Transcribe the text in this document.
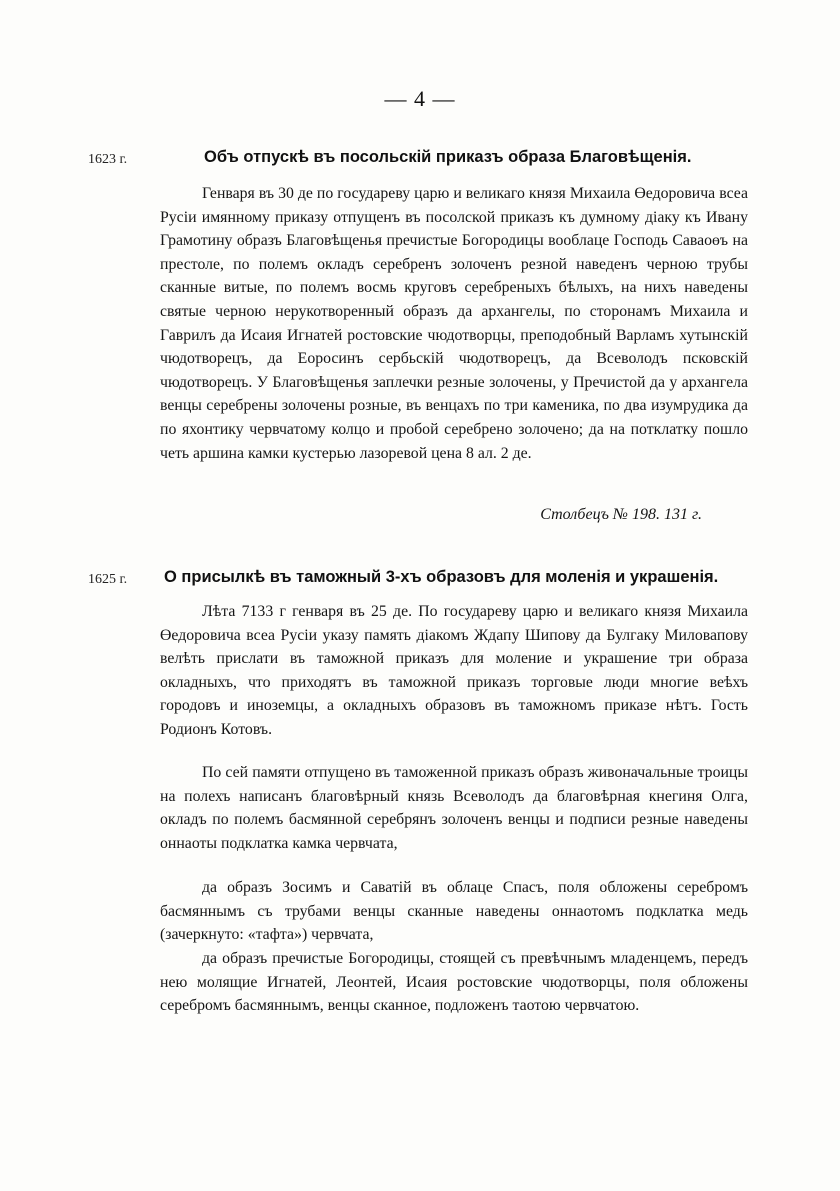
— 4 —
1623 г.	Объ отпускѣ въ посольскій приказъ образа Благовѣщенія.

Генваря въ 30 де по государеву царю и великаго князя Михаила Өедоровича всеа Русіи имянному приказу отпущенъ въ посолской приказъ къ думному діаку къ Ивану Грамотину образъ Благовѣщенья пречистые Богородицы вооблаце Господь Саваоөъ на престоле, по полемъ окладъ серебренъ золоченъ резной наведенъ черною трубы сканные витые, по полемъ восмь круговъ серебреныхъ бѣлыхъ, на нихъ наведены святые черною нерукотворенный образъ да архангелы, по сторонамъ Михаила и Гаврилъ да Исаия Игнатей ростовские чюдотворцы, преподобный Варламъ хутынскій чюдотворецъ, да Еоросинъ сербьскій чюдотворецъ, да Всеволодъ псковскій чюдотворецъ. У Благовѣщенья заплечки резные золочены, у Пречистой да у архангела венцы серебрены золочены розные, въ венцахъ по три каменика, по два изумрудика да по яхонтику червчатому колцо и пробой серебрено золочено; да на потклатку пошло четь аршина камки кустерью лазоревой цена 8 ал. 2 де.

Столбецъ № 198. 131 г.
1625 г. О присылкѣ въ таможный 3-хъ образовъ для моленія и украшенія.

Лѣта 7133 г генваря въ 25 де. По государеву царю и великаго князя Михаила Өедоровича всеа Русіи указу память діакомъ Ждапу Шипову да Булгаку Миловапову велѣть прислати въ таможной приказъ для моление и украшение три образа окладныхъ, что приходятъ въ таможной приказъ торговые люди многие веѣхъ городовъ и иноземцы, а окладныхъ образовъ въ таможномъ приказе нѣтъ. Гость Родионъ Котовъ.

По сей памяти отпущено въ таможенной приказъ образъ живоначальные троицы на полехъ написанъ благовѣрный князь Всеволодъ да благовѣрная кнегиня Олга, окладъ по полемъ басмянной серебрянъ золоченъ венцы и подписи резные наведены оннаоты подклатка камка червчата,

да образъ Зосимъ и Саватій въ облаце Спасъ, поля обложены серебромъ басмяннымъ съ трубами венцы сканные наведены оннаотомъ подклатка медь (зачеркнуто: «тафта») червчата,

да образъ пречистые Богородицы, стоящей съ превѣчнымъ младенцемъ, передъ нею молящие Игнатей, Леонтей, Исаия ростовские чюдотворцы, поля обложены серебромъ басмяннымъ, венцы сканное, подложенъ таотою червчатою.
